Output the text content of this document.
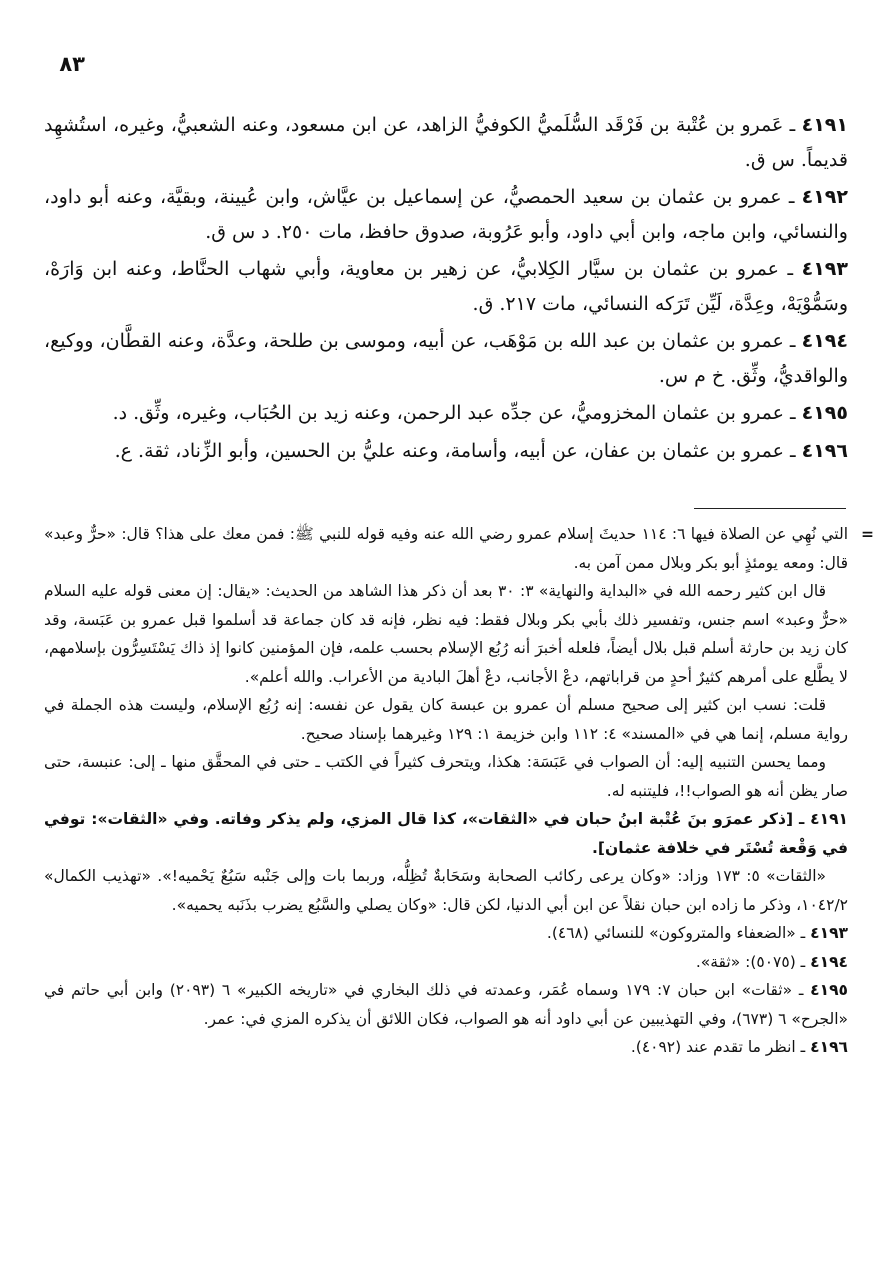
٨٣

٤١٩١ ـ عَمرو بن عُتْبة بن فَرْقَد السُّلَميُّ الكوفيُّ الزاهد، عن ابن مسعود، وعنه الشعبيُّ، وغيره، استُشهِد قديماً. س ق.

٤١٩٢ ـ عمرو بن عثمان بن سعيد الحمصيُّ، عن إسماعيل بن عيَّاش، وابن عُيينة، وبقيَّة، وعنه أبو داود، والنسائي، وابن ماجه، وابن أبي داود، وأبو عَرُوبة، صدوق حافظ، مات ٢٥٠. د س ق.

٤١٩٣ ـ عمرو بن عثمان بن سيَّار الكِلابيُّ، عن زهير بن معاوية، وأبي شهاب الحنَّاط، وعنه ابن وَارَهْ، وسَمُّوْيَهْ، وعِدَّة، لَيِّن تَرَكه النسائي، مات ٢١٧. ق.

٤١٩٤ ـ عمرو بن عثمان بن عبد الله بن مَوْهَب، عن أبيه، وموسى بن طلحة، وعدَّة، وعنه القطَّان، ووكيع، والواقديُّ، وثِّق. خ م س.

٤١٩٥ ـ عمرو بن عثمان المخزوميُّ، عن جدِّه عبد الرحمن، وعنه زيد بن الحُبَاب، وغيره، وثِّق. د.

٤١٩٦ ـ عمرو بن عثمان بن عفان، عن أبيه، وأسامة، وعنه عليُّ بن الحسين، وأبو الزِّناد، ثقة. ع.

=
التي نُهِي عن الصلاة فيها ٦: ١١٤ حديثَ إسلام عمرو رضي الله عنه وفيه قوله للنبي ﷺ: فمن معك على هذا؟ قال: «حرٌّ وعبد» قال: ومعه يومئذٍ أبو بكر وبلال ممن آمن به.

قال ابن كثير رحمه الله في «البداية والنهاية» ٣: ٣٠ بعد أن ذكر هذا الشاهد من الحديث: «يقال: إن معنى قوله عليه السلام «حرٌّ وعبد» اسم جنس، وتفسير ذلك بأبي بكر وبلال فقط: فيه نظر، فإنه قد كان جماعة قد أسلموا قبل عمرو بن عَبَسة، وقد كان زيد بن حارثة أسلم قبل بلال أيضاً، فلعله أخبرَ أنه رُبُع الإسلام بحسب علمه، فإن المؤمنين كانوا إذ ذاك يَسْتَسِرُّون بإسلامهم، لا يطَّلع على أمرهم كثيرٌ أحدٍ من قراباتهم، دعْ الأجانب، دعْ أهلَ البادية من الأعراب. والله أعلم».

قلت: نسب ابن كثير إلى صحيح مسلم أن عمرو بن عبسة كان يقول عن نفسه: إنه رُبُع الإسلام، وليست هذه الجملة في رواية مسلم، إنما هي في «المسند» ٤: ١١٢ وابن خزيمة ١: ١٢٩ وغيرهما بإسناد صحيح.

ومما يحسن التنبيه إليه: أن الصواب في عَبَسَة: هكذا، ويتحرف كثيراً في الكتب ـ حتى في المحقَّق منها ـ إلى: عنبسة، حتى صار يظن أنه هو الصواب!!، فليتنبه له.

٤١٩١ ـ [ذكر عمرَو بنَ عُتْبة ابنُ حبان في «الثقات»، كذا قال المزي، ولم يذكر وفاته. وفي «الثقات»: توفي في وَقْعة تُسْتَر في خلافة عثمان].

«الثقات» ٥: ١٧٣ وزاد: «وكان يرعى ركائب الصحابة وسَحَابةٌ تُظِلُّه، وربما بات وإلى جَنْبه سَبُعٌ يَحْميه!». «تهذيب الكمال» ١٠٤٢/٢، وذكر ما زاده ابن حبان نقلاً عن ابن أبي الدنيا، لكن قال: «وكان يصلي والسَّبُع يضرب بذَنَبه يحميه».

٤١٩٣ ـ «الضعفاء والمتروكون» للنسائي (٤٦٨).

٤١٩٤ ـ (٥٠٧٥): «ثقة».

٤١٩٥ ـ «ثقات» ابن حبان ٧: ١٧٩ وسماه عُمَر، وعمدته في ذلك البخاري في «تاريخه الكبير» ٦ (٢٠٩٣) وابن أبي حاتم في «الجرح» ٦ (٦٧٣)، وفي التهذيبين عن أبي داود أنه هو الصواب، فكان اللائق أن يذكره المزي في: عمر.

٤١٩٦ ـ انظر ما تقدم عند (٤٠٩٢).
